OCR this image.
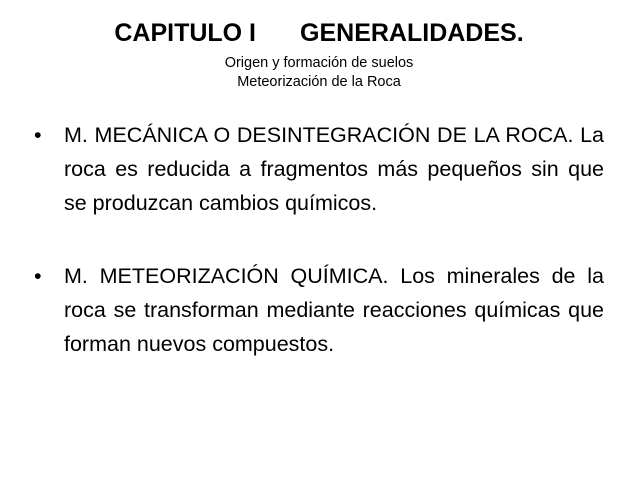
CAPITULO I GENERALIDADES.
Origen y formación de suelos
Meteorización de la Roca
•	M. MECÁNICA O DESINTEGRACIÓN DE LA ROCA. La roca es reducida a fragmentos más pequeños sin que se produzcan cambios químicos.
•	M. METEORIZACIÓN QUÍMICA. Los minerales de la roca se transforman mediante reacciones químicas que forman nuevos compuestos.
